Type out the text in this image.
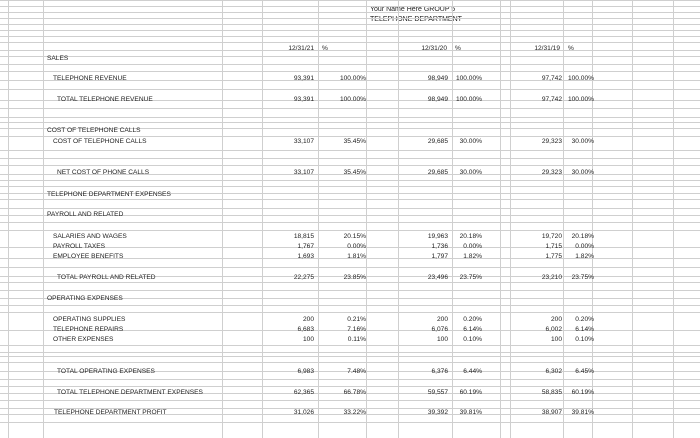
Your Name Here GROUP 5
TELEPHONE DEPARTMENT
12/31/21 %	12/31/20 %	12/31/19 %
SALES
TELEPHONE REVENUE	93,391	100.00%	98,949	100.00%	97,742 100.00%
TOTAL TELEPHONE REVENUE	93,391	100.00%	98,949	100.00%	97,742 100.00%
COST OF TELEPHONE CALLS
COST OF TELEPHONE CALLS	33,107	35.45%	29,685	30.00%	29,323	30.00%
NET COST OF PHONE CALLS	33,107	35.45%	29,685	30.00%	29,323	30.00%
TELEPHONE DEPARTMENT EXPENSES
PAYROLL AND RELATED
SALARIES AND WAGES	18,815	20.15%	19,963	20.18%	19,720	20.18%
PAYROLL TAXES	1,767	0.00%	1,736	0.00%	1,715	0.00%
EMPLOYEE BENEFITS	1,693	1.81%	1,797	1.82%	1,775	1.82%
TOTAL PAYROLL AND RELATED	22,275	23.85%	23,496	23.75%	23,210	23.75%
OPERATING EXPENSES
OPERATING SUPPLIES	200	0.21%	200	0.20%	200	0.20%
TELEPHONE REPAIRS	6,683	7.16%	6,076	6.14%	6,002	6.14%
OTHER EXPENSES	100	0.11%	100	0.10%	100	0.10%
TOTAL OPERATING EXPENSES	6,983	7.48%	6,376	6.44%	6,302	6.45%
TOTAL TELEPHONE DEPARTMENT EXPENSES	62,365	66.78%	59,557	60.19%	58,835	60.19%
TELEPHONE DEPARTMENT PROFIT	31,026	33.22%	39,392	39.81%	38,907	39.81%
